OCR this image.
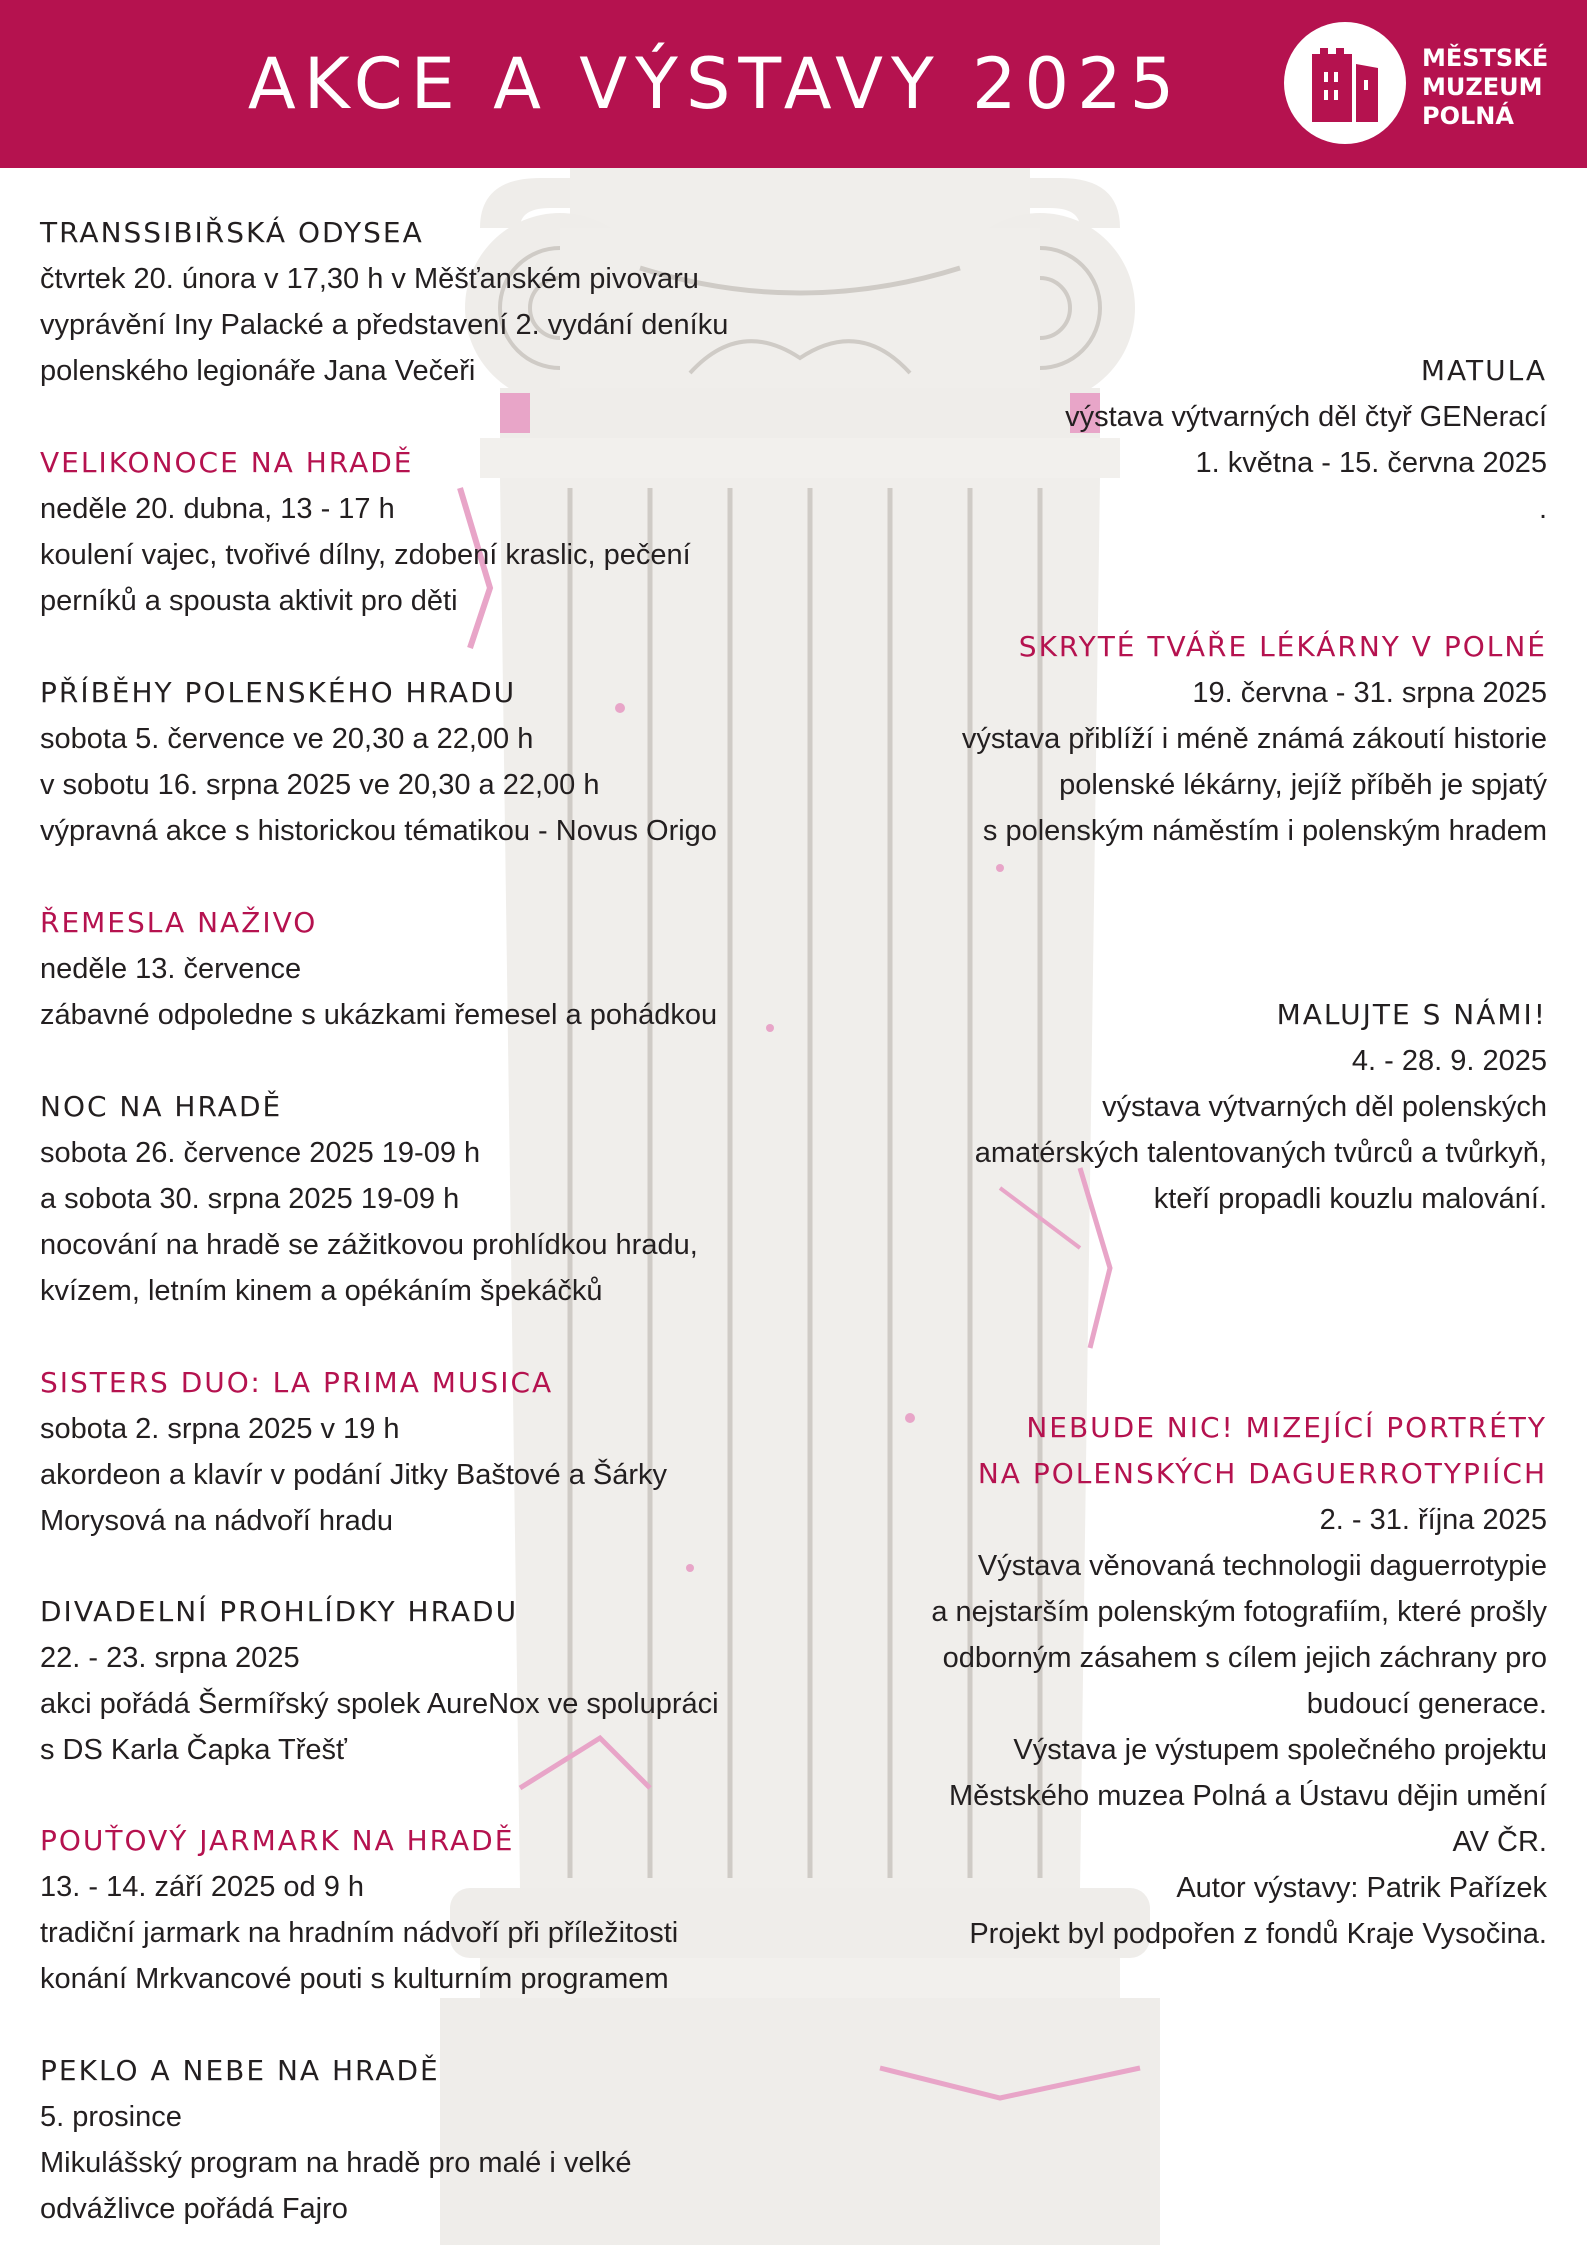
AKCE A VÝSTAVY 2025	MĚSTSKÉ
MUZEUM
POLNÁ
TRANSSIBIŘSKÁ ODYSEA
čtvrtek 20. února v 17,30 h v Měšťanském pivovaru
vyprávění Iny Palacké a představení 2. vydání deníku
polenského legionáře Jana Večeři
VELIKONOCE NA HRADĚ
neděle 20. dubna, 13 - 17 h
koulení vajec, tvořivé dílny, zdobení kraslic, pečení
perníků a spousta aktivit pro děti
PŘÍBĚHY POLENSKÉHO HRADU
sobota 5. července ve 20,30 a 22,00 h
v sobotu 16. srpna 2025 ve 20,30 a 22,00 h
výpravná akce s historickou tématikou - Novus Origo
ŘEMESLA NAŽIVO
neděle 13. července
zábavné odpoledne s ukázkami řemesel a pohádkou
NOC NA HRADĚ
sobota 26. července 2025 19-09 h
a sobota 30. srpna 2025 19-09 h
nocování na hradě se zážitkovou prohlídkou hradu,
kvízem, letním kinem a opékáním špekáčků
SISTERS DUO: LA PRIMA MUSICA
sobota 2. srpna 2025 v 19 h
akordeon a klavír v podání Jitky Baštové a Šárky
Morysová na nádvoří hradu
DIVADELNÍ PROHLÍDKY HRADU
22. - 23. srpna 2025
akci pořádá Šermířský spolek AureNox ve spolupráci
s DS Karla Čapka Třešť
POUŤOVÝ JARMARK NA HRADĚ
13. - 14. září 2025 od 9 h
tradiční jarmark na hradním nádvoří při příležitosti
konání Mrkvancové pouti s kulturním programem
PEKLO A NEBE NA HRADĚ
5. prosince
Mikulášský program na hradě pro malé i velké
odvážlivce pořádá Fajro
MATULA
výstava výtvarných děl čtyř GENerací
1. května - 15. června 2025
.
SKRYTÉ TVÁŘE LÉKÁRNY V POLNÉ
19. června - 31. srpna 2025
výstava přiblíží i méně známá zákoutí historie
polenské lékárny, jejíž příběh je spjatý
s polenským náměstím i polenským hradem
MALUJTE S NÁMI!
4. - 28. 9. 2025
výstava výtvarných děl polenských
amatérských talentovaných tvůrců a tvůrkyň,
kteří propadli kouzlu malování.
NEBUDE NIC! MIZEJÍCÍ PORTRÉTY
NA POLENSKÝCH DAGUERROTYPIÍCH
2. - 31. října 2025
Výstava věnovaná technologii daguerrotypie
a nejstarším polenským fotografiím, které prošly
odborným zásahem s cílem jejich záchrany pro
budoucí generace.
Výstava je výstupem společného projektu
Městského muzea Polná a Ústavu dějin umění
AV ČR.
Autor výstavy: Patrik Pařízek
Projekt byl podpořen z fondů Kraje Vysočina.
